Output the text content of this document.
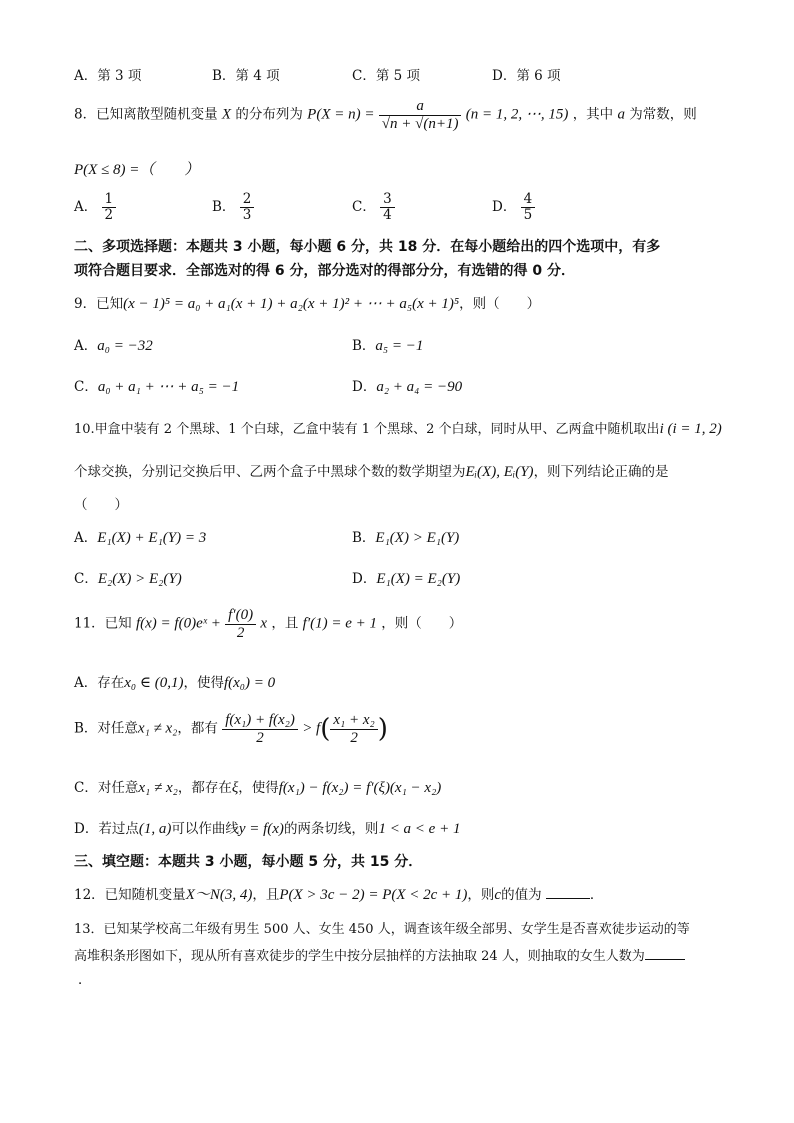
A．第 3 项	B．第 4 项	C．第 5 项	D．第 6 项
8．已知离散型随机变量 X 的分布列为 $P(X = n) = \frac{a}{√n + √(n+1)} (n = 1$, 2, ⋯, 15) ，其中 a 为常数，则
P(X ≤ 8) =（　　）
A． $\frac{1}{2}$	B． $\frac{2}{3}$	C． $\frac{3}{4}$	D． $\frac{4}{5}$
二、多项选择题：本题共 3 小题，每小题 6 分，共 18 分．在每小题给出的四个选项中，有多
项符合题目要求．全部选对的得 6 分，部分选对的得部分分，有选错的得 0 分．
9．已知(x − 1)⁵ = a₀ + a₁(x + 1) + a₂(x + 1)² + ⋯ + a₅(x + 1)⁵，则（　　）
A．a₀ = −32	B．a₅ = −1
C．a₀ + a₁ + ⋯ + a₅ = −1	D．a₂ + a₄ = −90
10.甲盒中装有 2 个黑球、1 个白球，乙盒中装有 1 个黑球、2 个白球，同时从甲、乙两盒中随机取出i (i = 1, 2)
个球交换，分别记交换后甲、乙两个盒子中黑球个数的数学期望为Eᵢ(X), Eᵢ(Y)，则下列结论正确的是
（　　）
A．E₁(X) + E₁(Y) = 3	B．E₁(X) > E₁(Y)
C．E₂(X) > E₂(Y)	D．E₁(X) = E₂(Y)
11．已知 f(x) = f(0)eˣ + $\frac{f'(0)}{2}$ x ，且 f′(1) = e + 1 ，则（　　）
A．存在x₀ ∈ (0,1)，使得f(x₀) = 0
B．对任意x₁ ≠ x₂，都有 $\frac{\text{f(x₁) + f(x₂)}}{2} > f( \frac{\text{x₁ + x₂}}{2}$ )
C．对任意x₁ ≠ x₂，都存在ξ，使得f(x₁) − f(x₂) = f′(ξ)(x₁ − x₂)
D．若过点(1, a)可以作曲线y = f(x)的两条切线，则1 < a < e + 1
三、填空题：本题共 3 小题，每小题 5 分，共 15 分．
12．已知随机变量X～N(3, 4)，且P(X > 3c − 2) = P(X < 2c + 1)，则c的值为	．
13．已知某学校高二年级有男生 500 人、女生 450 人，调查该年级全部男、女学生是否喜欢徒步运动的等
高堆积条形图如下，现从所有喜欢徒步的学生中按分层抽样的方法抽取 24 人，则抽取的女生人数为
．
